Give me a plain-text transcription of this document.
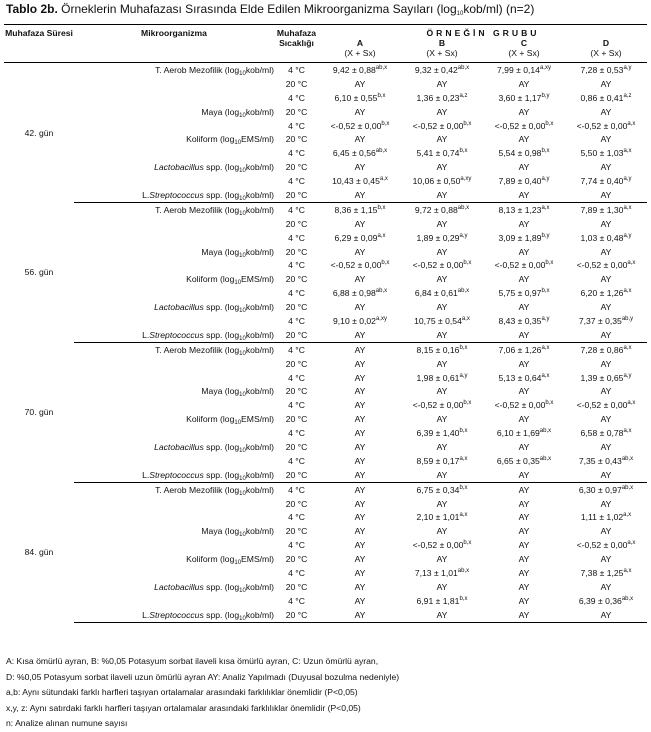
Tablo 2b. Örneklerin Muhafazası Sırasında Elde Edilen Mikroorganizma Sayıları $(\log_{10}kob/ml)$ (n=2)
Muhafaza Süresi	Mikroorganizma	Muhafaza Sıcaklığı	ÖRNEĞİN GRUBU			
			A	B	C	D
			(X + Sx)	(X + Sx)	(X + Sx)	(X + Sx)
42. gün	T. Aerob Mezofilik $(\log_{10}kob/ml)$	4 °C	$9,42 \pm 0,88^{ab,x}$	$9,32 \pm 0,42^{ab,x}$	$7,99 \pm 0,14^{a,xy}$	$7,28 \pm 0,53^{a,y}$
		20 °C	AY	AY	AY	AY
		4 °C	$6,10 \pm 0,55^{b,x}$	$1,36 \pm 0,23^{a,z}$	$3,60 \pm 1,17^{b,y}$	$0,86 \pm 0,41^{a,z}$
	Maya $(\log_{10}kob/ml)$	20 °C	AY	AY	AY	AY
		4 °C	$<-0,52 \pm 0,00^{b,x}$	$<-0,52 \pm 0,00^{b,x}$	$<-0,52 \pm 0,00^{b,x}$	$<-0,52 \pm 0,00^{a,x}$
	Koliform $(\log_{10}EMS/ml)$	20 °C	AY	AY	AY	AY
		4 °C	$6,45 \pm 0,56^{ab,x}$	$5,41 \pm 0,74^{b,x}$	$5,54 \pm 0,98^{b,x}$	$5,50 \pm 1,03^{a,x}$
	Lactobacillus spp. $(\log_{10}kob/ml)$	20 °C	AY	AY	AY	AY
		4 °C	$10,43 \pm 0,45^{a,x}$	$10,06 \pm 0,50^{a,xy}$	$7,89 \pm 0,40^{a,y}$	$7,74 \pm 0,40^{a,y}$
	L.Streptococcus spp. $(\log_{10}kob/ml)$	20 °C	AY	AY	AY	AY
56. gün	T. Aerob Mezofilik $(\log_{10}kob/ml)$	4 °C	$8,36 \pm 1,15^{b,x}$	$9,72 \pm 0,88^{ab,x}$	$8,13 \pm 1,23^{a,x}$	$7,89 \pm 1,30^{a,x}$
		20 °C	AY	AY	AY	AY
		4 °C	$6,29 \pm 0,09^{a,x}$	$1,89 \pm 0,29^{a,y}$	$3,09 \pm 1,89^{b,y}$	$1,03 \pm 0,48^{a,y}$
	Maya $(\log_{10}kob/ml)$	20 °C	AY	AY	AY	AY
		4 °C	$<-0,52 \pm 0,00^{b,x}$	$<-0,52 \pm 0,00^{b,x}$	$<-0,52 \pm 0,00^{b,x}$	$<-0,52 \pm 0,00^{a,x}$
	Koliform $(\log_{10}EMS/ml)$	20 °C	AY	AY	AY	AY
		4 °C	$6,88 \pm 0,98^{ab,x}$	$6,84 \pm 0,61^{ab,x}$	$5,75 \pm 0,97^{b,x}$	$6,20 \pm 1,26^{a,x}$
	Lactobacillus spp. $(\log_{10}kob/ml)$	20 °C	AY	AY	AY	AY
		4 °C	$9,10 \pm 0,02^{a,xy}$	$10,75 \pm 0,54^{a,x}$	$8,43 \pm 0,35^{a,y}$	$7,37 \pm 0,35^{ab,y}$
	L.Streptococcus spp. $(\log_{10}kob/ml)$	20 °C	AY	AY	AY	AY
70. gün	T. Aerob Mezofilik $(\log_{10}kob/ml)$	4 °C	AY	$8,15 \pm 0,16^{b,x}$	$7,06 \pm 1,26^{a,x}$	$7,28 \pm 0,86^{a,x}$
		20 °C	AY	AY	AY	AY
		4 °C	AY	$1,98 \pm 0,61^{a,y}$	$5,13 \pm 0,64^{a,x}$	$1,39 \pm 0,65^{a,y}$
	Maya $(\log_{10}kob/ml)$	20 °C	AY	AY	AY	AY
		4 °C	AY	$<-0,52 \pm 0,00^{b,x}$	$<-0,52 \pm 0,00^{b,x}$	$<-0,52 \pm 0,00^{a,x}$
	Koliform $(\log_{10}EMS/ml)$	20 °C	AY	AY	AY	AY
		4 °C	AY	$6,39 \pm 1,40^{b,x}$	$6,10 \pm 1,69^{ab,x}$	$6,58 \pm 0,78^{a,x}$
	Lactobacillus spp. $(\log_{10}kob/ml)$	20 °C	AY	AY	AY	AY
		4 °C	AY	$8,59 \pm 0,17^{a,x}$	$6,65 \pm 0,35^{ab,x}$	$7,35 \pm 0,43^{ab,x}$
	L.Streptococcus spp. $(\log_{10}kob/ml)$	20 °C	AY	AY	AY	AY
84. gün	T. Aerob Mezofilik $(\log_{10}kob/ml)$	4 °C	AY	$6,75 \pm 0,34^{b,x}$	AY	$6,30 \pm 0,97^{ab,x}$
		20 °C	AY	AY	AY	AY
		4 °C	AY	$2,10 \pm 1,01^{a,x}$	AY	$1,11 \pm 1,02^{a,x}$
	Maya $(\log_{10}kob/ml)$	20 °C	AY	AY	AY	AY
		4 °C	AY	$<-0,52 \pm 0,00^{b,x}$	AY	$<-0,52 \pm 0,00^{a,x}$
	Koliform $(\log_{10}EMS/ml)$	20 °C	AY	AY	AY	AY
		4 °C	AY	$7,13 \pm 1,01^{ab,x}$	AY	$7,38 \pm 1,25^{a,x}$
	Lactobacillus spp. $(\log_{10}kob/ml)$	20 °C	AY	AY	AY	AY
		4 °C	AY	$6,91 \pm 1,81^{b,x}$	AY	$6,39 \pm 0,36^{ab,x}$
	L.Streptococcus spp. $(\log_{10}kob/ml)$	20 °C	AY	AY	AY	AY
A: Kısa ömürlü ayran, B: %0,05 Potasyum sorbat ilaveli kısa ömürlü ayran, C: Uzun ömürlü ayran,
D: %0,05 Potasyum sorbat ilaveli uzun ömürlü ayran AY: Analiz Yapılmadı (Duyusal bozulma nedeniyle)
a,b: Aynı sütundaki farklı harfleri taşıyan ortalamalar arasındaki farklılıklar önemlidir (P<0,05)
x,y, z: Aynı satırdaki farklı harfleri taşıyan ortalamalar arasındaki farklılıklar önemlidir (P<0,05)
n: Analize alınan numune sayısı
